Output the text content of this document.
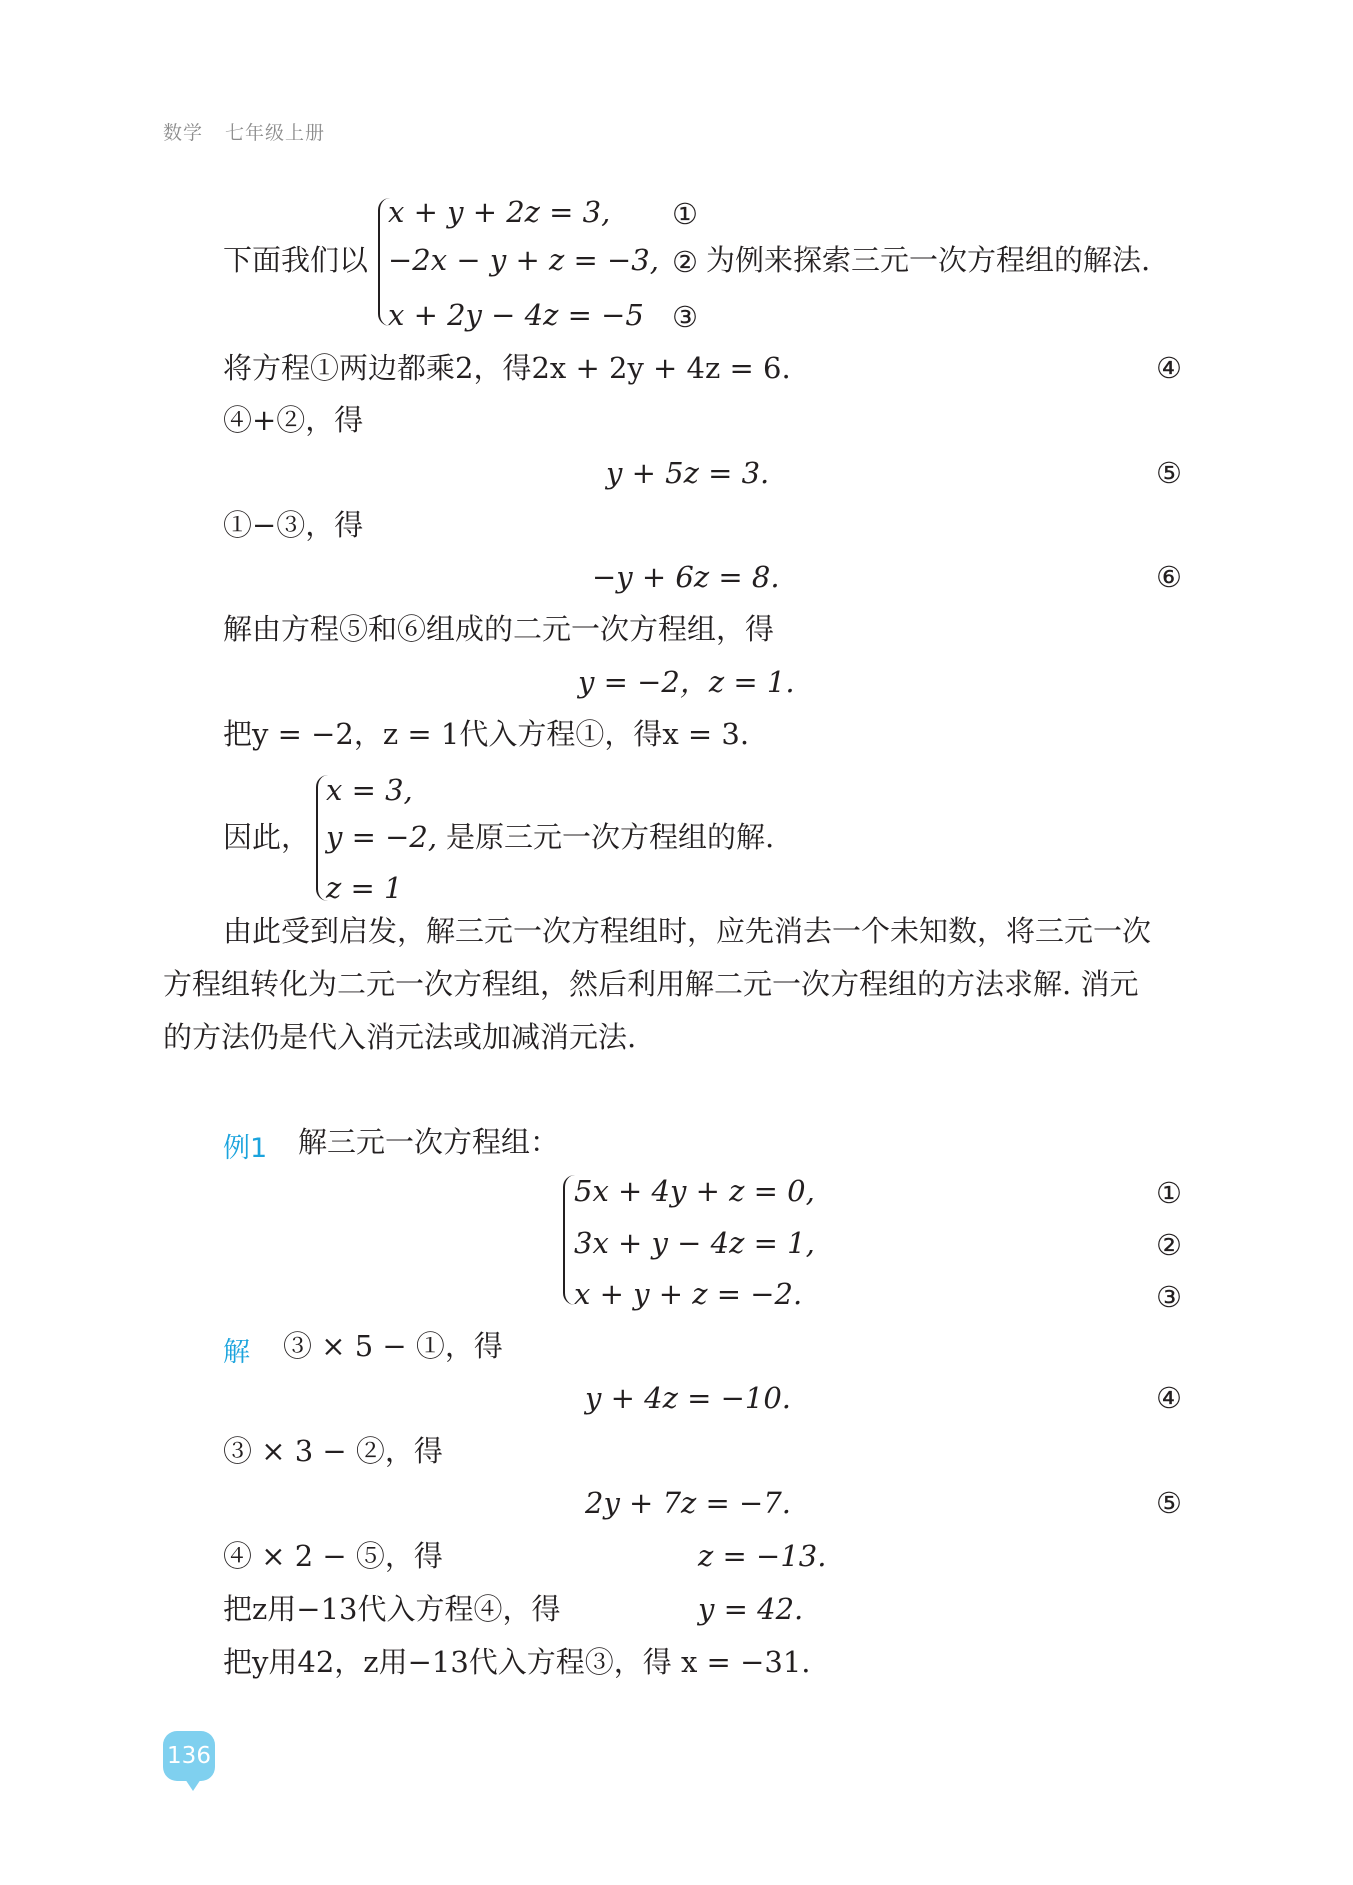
数学 七年级上册
下面我们以
x + y + 2z = 3, ①
−2x − y + z = −3, ② 为例来探索三元一次方程组的解法.
x + 2y − 4z = −5 ③
将方程①两边都乘2，得2x + 2y + 4z = 6.	④
④+②，得
y + 5z = 3.	⑤
①−③，得
−y + 6z = 8.	⑥
解由方程⑤和⑥组成的二元一次方程组，得
y = −2，z = 1.
把y = −2，z = 1代入方程①，得x = 3.
因此，
x = 3,
y = −2, 是原三元一次方程组的解.
z = 1
由此受到启发，解三元一次方程组时，应先消去一个未知数，将三元一次
方程组转化为二元一次方程组，然后利用解二元一次方程组的方法求解. 消元
的方法仍是代入消元法或加减消元法.
例1 解三元一次方程组：
5x + 4y + z = 0,	①
3x + y − 4z = 1,	②
x + y + z = −2.	③
解 ③ × 5 − ①，得
y + 4z = −10.	④
③ × 3 − ②，得
2y + 7z = −7.	⑤
④ × 2 − ⑤，得	z = −13.
把z用−13代入方程④，得	y = 42.
把y用42，z用−13代入方程③，得 x = −31.
136
